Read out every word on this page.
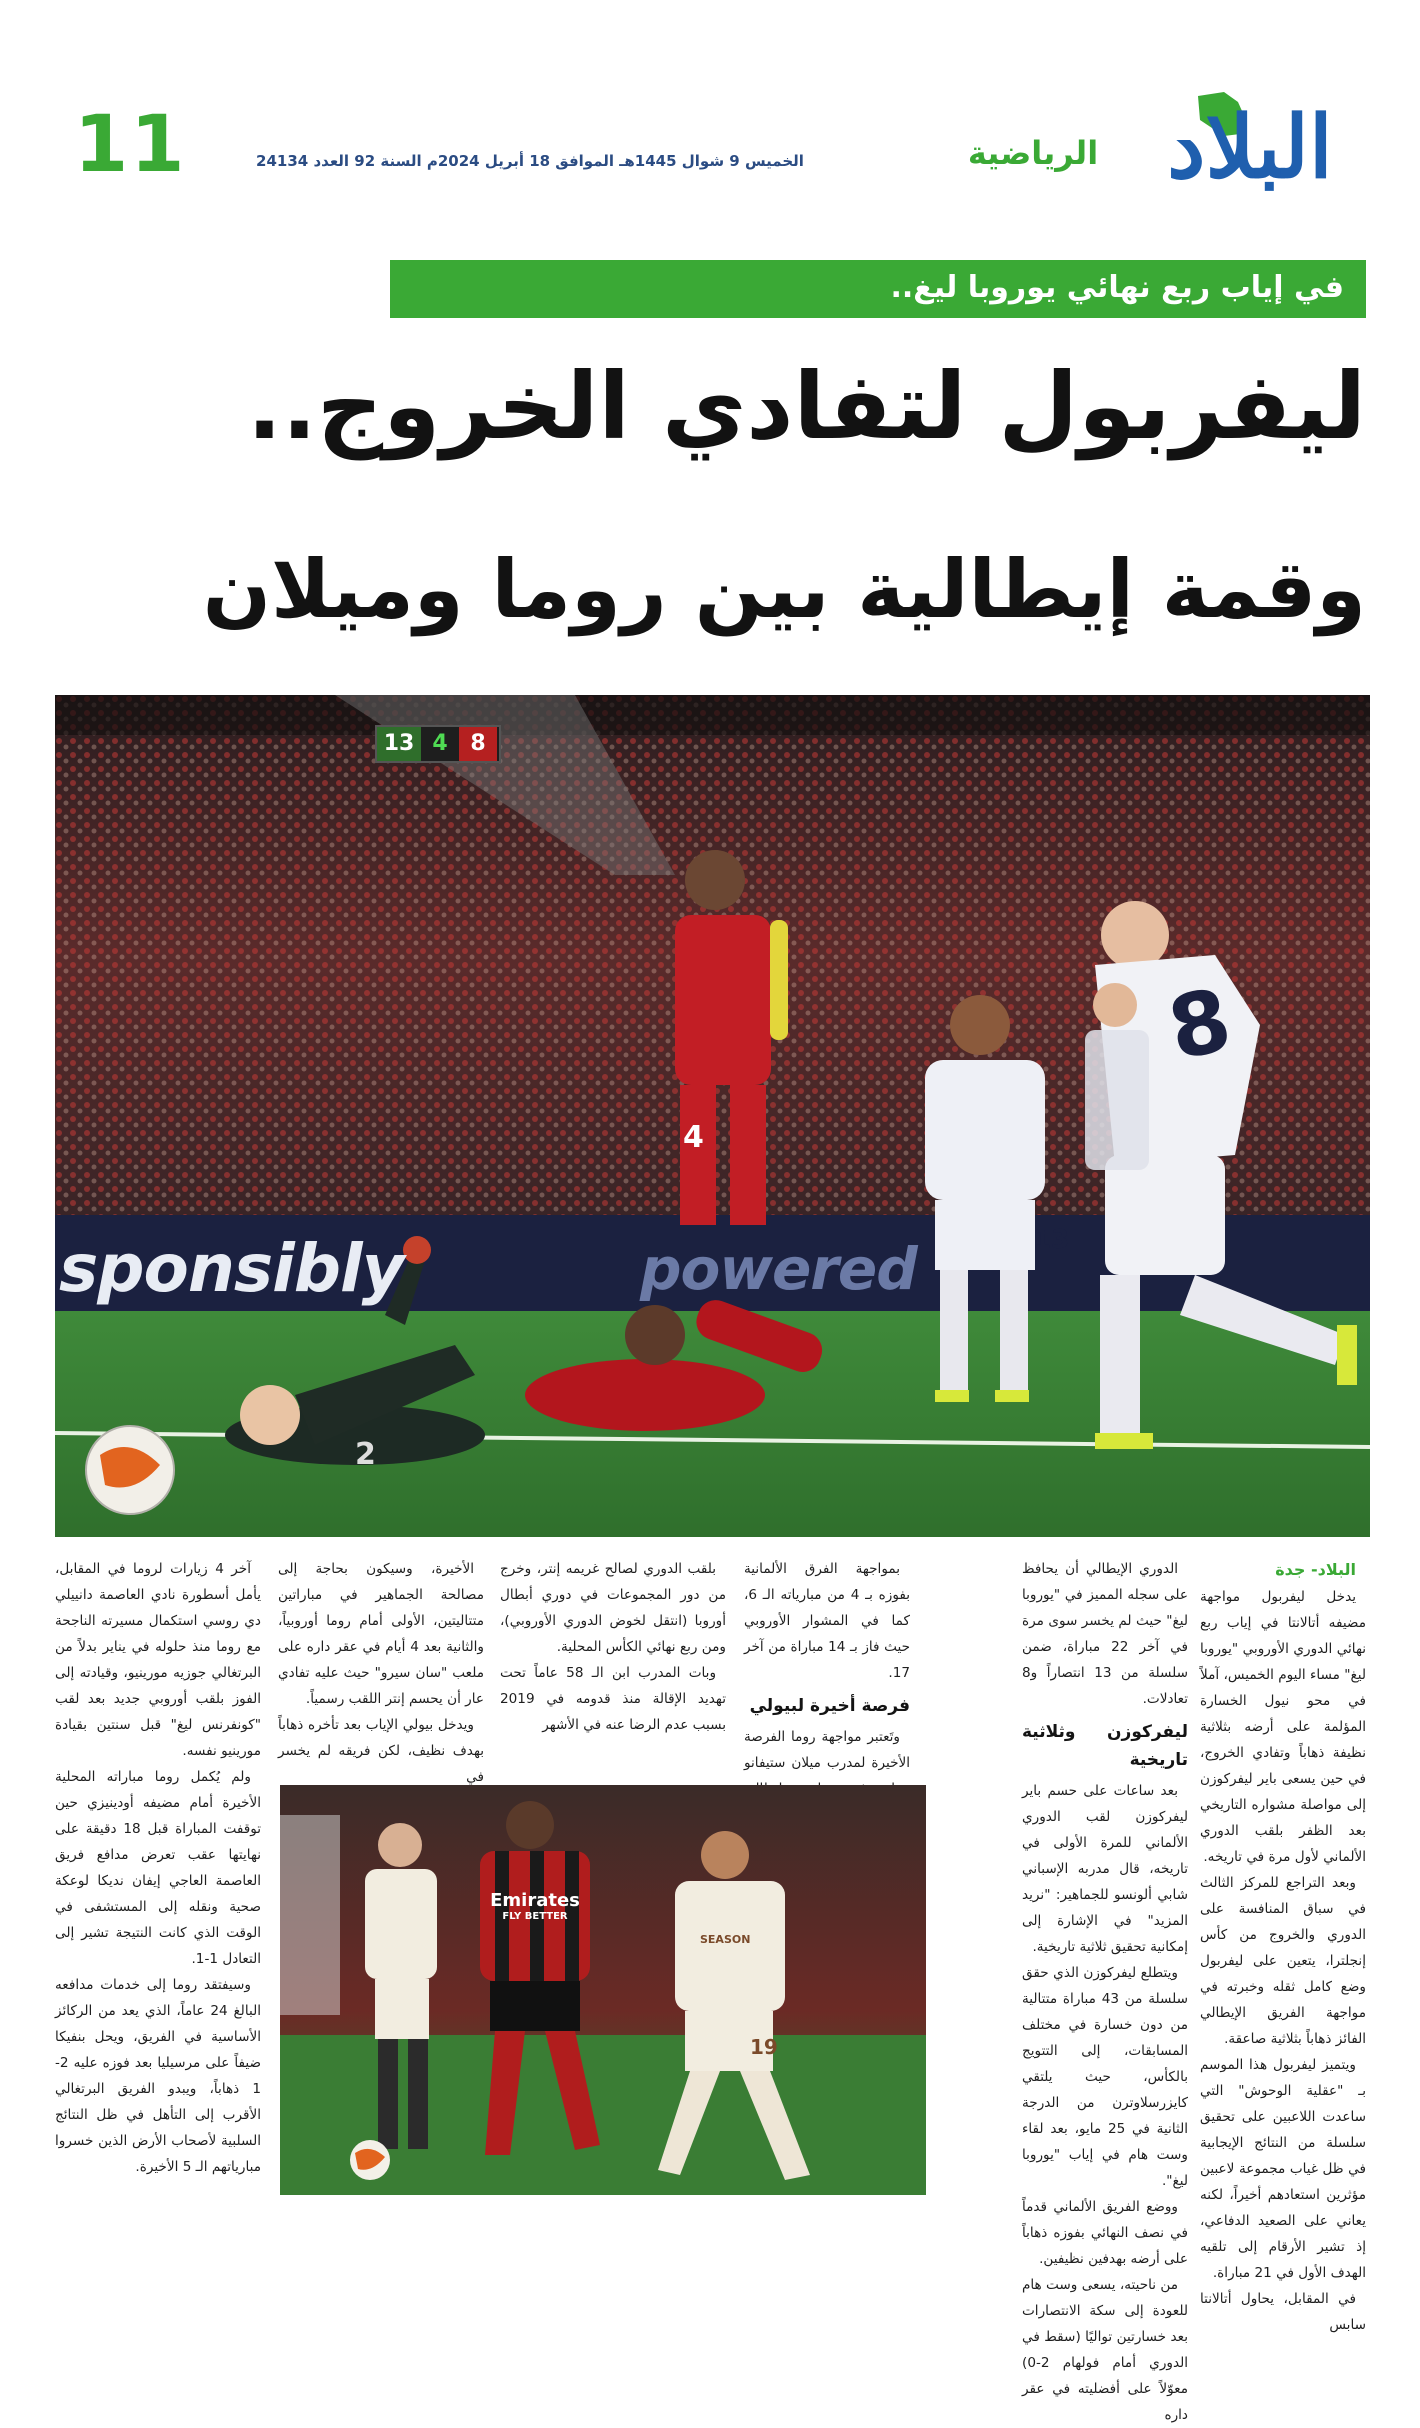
11	الخميس 9 شوال 1445هـ الموافق 18 أبريل 2024م السنة 92 العدد 24134	البلاد
الرياضية
في إياب ربع نهائي يوروبا ليغ..
ليفربول لتفادي الخروج..
وقمة إيطالية بين روما وميلان
sponsibly	powered
13 4 8
4
13
8
2

البلاد- جدة

يدخل ليفربول مواجهة مضيفه أتالانتا في إياب ربع نهائي الدوري الأوروبي "يوروبا ليغ" مساء اليوم الخميس، آملاً في محو نيول الخسارة المؤلمة على أرضه بثلاثية نظيفة ذهاباً وتفادي الخروج، في حين يسعى باير ليفركوزن إلى مواصلة مشواره التاريخي بعد الظفر بلقب الدوري الألماني لأول مرة في تاريخه.

وبعد التراجع للمركز الثالث في سباق المنافسة على الدوري والخروج من كأس إنجلترا، يتعين على ليفربول وضع كامل ثقله وخبرته في مواجهة الفريق الإيطالي الفائز ذهاباً بثلاثية صاعقة.

ويتميز ليفربول هذا الموسم بـ "عقلية الوحوش" التي ساعدت اللاعبين على تحقيق سلسلة من النتائج الإيجابية في ظل غياب مجموعة لاعبين مؤثرين استعادهم أخيراً، لكنه يعاني على الصعيد الدفاعي، إذ تشير الأرقام إلى تلقيه الهدف الأول في 21 مباراة.

في المقابل، يحاول أتالانتا سابس

الدوري الإيطالي أن يحافظ على سجله المميز في "يوروبا ليغ" حيث لم يخسر سوى مرة في آخر 22 مباراة، ضمن سلسلة من 13 انتصاراً و8 تعادلات.

ليفركوزن وثلاثية تاريخية

بعد ساعات على حسم باير ليفركوزن لقب الدوري الألماني للمرة الأولى في تاريخه، قال مدربه الإسباني شابي ألونسو للجماهير: "نريد المزيد" في الإشارة إلى إمكانية تحقيق ثلاثية تاريخية.

ويتطلع ليفركوزن الذي حقق سلسلة من 43 مباراة متتالية من دون خسارة في مختلف المسابقات، إلى التتويج بالكأس، حيث يلتقي كايزرسلاوترن من الدرجة الثانية في 25 مايو، بعد لقاء وست هام في إياب "يوروبا ليغ".

ووضع الفريق الألماني قدماً في نصف النهائي بفوزه ذهاباً على أرضه بهدفين نظيفين.

من ناحيته، يسعى وست هام للعودة إلى سكة الانتصارات بعد خسارتين تواليًا (سقط في الدوري أمام فولهام 2-0) معوّلاً على أفضليته في عقر داره

بمواجهة الفرق الألمانية بفوزه بـ 4 من مبارياته الـ 6، كما في المشوار الأوروبي حيث فاز بـ 14 مباراة من آخر 17.

فرصة أخيرة لبيولي

وتَعتبر مواجهة روما الفرصة الأخيرة لمدرب ميلان ستيفانو

بلقب الدوري لصالح غريمه إنتر، وخرج من دور المجموعات في دوري أبطال أوروبا (انتقل لخوض الدوري الأوروبي)، ومن ربع نهائي الكأس المحلية.

وبات المدرب ابن الـ 58 عاماً تحت تهديد الإقالة منذ قدومه في 2019 بسبب عدم الرضا عنه في الأشهر

الأخيرة، وسيكون بحاجة إلى مصالحة الجماهير في مباراتين متتاليتين، الأولى أمام روما أوروبياً، والثانية بعد 4 أيام في عقر داره على ملعب "سان سيرو" حيث عليه تفادي عار أن يحسم إنتر اللقب رسمياً.

ويدخل بيولي الإياب بعد تأخره ذهاباً بهدف نظيف، لكن فريقه لم يخسر في

آخر 4 زيارات لروما في المقابل، يأمل أسطورة نادي العاصمة دانييلي دي روسي استكمال مسيرته الناجحة مع روما منذ حلوله في يناير بدلاً من البرتغالي جوزيه مورينيو، وقيادته إلى الفوز بلقب أوروبي جديد بعد لقب "كونفرنس ليغ" قبل سنتين بقيادة مورينيو نفسه.

ولم يُكمل روما مباراته المحلية الأخيرة أمام مضيفه أودينيزي حين توقفت المباراة قبل 18 دقيقة على نهايتها عقب تعرض مدافع فريق العاصمة العاجي إيفان نديكا لوعكة صحية ونقله إلى المستشفى في الوقت الذي كانت النتيجة تشير إلى التعادل 1-1.

وسيفتقد روما إلى خدمات مدافعه البالغ 24 عاماً، الذي يعد من الركائز الأساسية في الفريق، ويحل بنفيكا ضيفاً على مرسيليا بعد فوزه عليه 2-1 ذهاباً، ويبدو الفريق البرتغالي الأقرب إلى التأهل في ظل النتائج السلبية لأصحاب الأرض الذين خسروا مبارياتهم الـ 5 الأخيرة.

Emirates
FLY BETTER
SEASON
19
